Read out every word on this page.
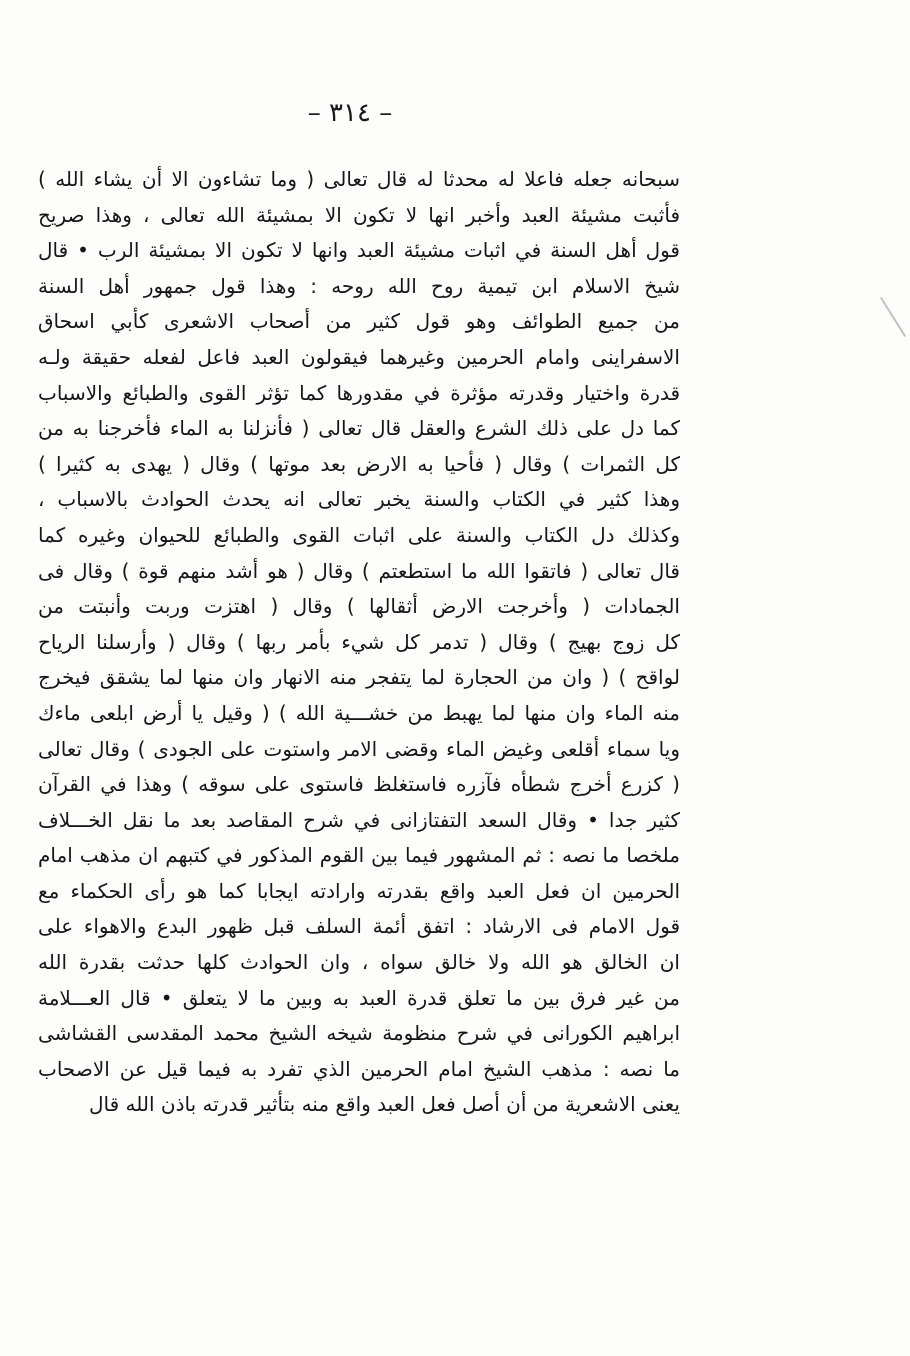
– ٣١٤ –
سبحانه جعله فاعلا له محدثا له قال تعالى ( وما تشاءون الا أن يشاء الله )
فأثبت مشيئة العبد وأخبر انها لا تكون الا بمشيئة الله تعالى ، وهذا صريح
قول أهل السنة في اثبات مشيئة العبد وانها لا تكون الا بمشيئة الرب • قال
شيخ الاسلام ابن تيمية روح الله روحه : وهذا قول جمهور أهل السنة
من جميع الطوائف وهو قول كثير من أصحاب الاشعرى كأبي اسحاق
الاسفراينى وامام الحرمين وغيرهما فيقولون العبد فاعل لفعله حقيقة ولـه
قدرة واختيار وقدرته مؤثرة في مقدورها كما تؤثر القوى والطبائع والاسباب
كما دل على ذلك الشرع والعقل قال تعالى ( فأنزلنا به الماء فأخرجنا به من
كل الثمرات ) وقال ( فأحيا به الارض بعد موتها ) وقال ( يهدى به كثيرا )
وهذا كثير في الكتاب والسنة يخبر تعالى انه يحدث الحوادث بالاسباب ،
وكذلك دل الكتاب والسنة على اثبات القوى والطبائع للحيوان وغيره كما
قال تعالى ( فاتقوا الله ما استطعتم ) وقال ( هو أشد منهم قوة ) وقال فى
الجمادات ( وأخرجت الارض أثقالها ) وقال ( اهتزت وربت وأنبتت من
كل زوج بهيج ) وقال ( تدمر كل شيء بأمر ربها ) وقال ( وأرسلنا الرياح
لواقح ) ( وان من الحجارة لما يتفجر منه الانهار وان منها لما يشقق فيخرج
منه الماء وان منها لما يهبط من خشـــية الله ) ( وقيل يا أرض ابلعى ماءك
ويا سماء أقلعى وغيض الماء وقضى الامر واستوت على الجودى ) وقال تعالى
( كزرع أخرج شطأه فآزره فاستغلظ فاستوى على سوقه ) وهذا في القرآن
كثير جدا • وقال السعد التفتازانى في شرح المقاصد بعد ما نقل الخـــلاف
ملخصا ما نصه : ثم المشهور فيما بين القوم المذكور في كتبهم ان مذهب امام
الحرمين ان فعل العبد واقع بقدرته وارادته ايجابا كما هو رأى الحكماء مع
قول الامام فى الارشاد : اتفق أئمة السلف قبل ظهور البدع والاهواء على
ان الخالق هو الله ولا خالق سواه ، وان الحوادث كلها حدثت بقدرة الله
من غير فرق بين ما تعلق قدرة العبد به وبين ما لا يتعلق • قال العـــلامة
ابراهيم الكورانى في شرح منظومة شيخه الشيخ محمد المقدسى القشاشى
ما نصه : مذهب الشيخ امام الحرمين الذي تفرد به فيما قيل عن الاصحاب
يعنى الاشعرية من أن أصل فعل العبد واقع منه بتأثير قدرته باذن الله قال
